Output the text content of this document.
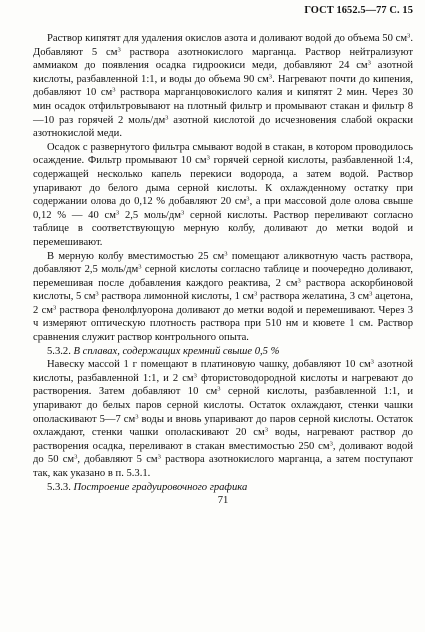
ГОСТ 1652.5—77 С. 15

Раствор кипятят для удаления окислов азота и доливают водой до объема 50 $см^3$. Добавляют 5 $см^3$ раствора азотнокислого марганца. Раствор нейтрализуют аммиаком до появления осадка гидроокиси меди, добавляют 24 $см^3$ азотной кислоты, разбавленной 1:1, и воды до объема 90 $см^3$. Нагревают почти до кипения, добавляют 10 $см^3$ раствора марганцовокислого калия и кипятят 2 мин. Через 30 мин осадок отфильтровывают на плотный фильтр и промывают стакан и фильтр 8—10 раз горячей 2 моль/$дм^3$ азотной кислотой до исчезновения слабой окраски азотнокислой меди.

Осадок с развернутого фильтра смывают водой в стакан, в котором проводилось осаждение. Фильтр промывают 10 $см^3$ горячей серной кислоты, разбавленной 1:4, содержащей несколько капель перекиси водорода, а затем водой. Раствор упаривают до белого дыма серной кислоты. К охлажденному остатку при содержании олова до 0,12 % добавляют 20 $см^3$, а при массовой доле олова свыше 0,12 % — 40 $см^3$ 2,5 моль/$дм^3$ серной кислоты. Раствор переливают согласно таблице в соответствующую мерную колбу, доливают до метки водой и перемешивают.

В мерную колбу вместимостью 25 $см^3$ помещают аликвотную часть раствора, добавляют 2,5 моль/$дм^3$ серной кислоты согласно таблице и поочередно доливают, перемешивая после добавления каждого реактива, 2 $см^3$ раствора аскорбиновой кислоты, 5 $см^3$ раствора лимонной кислоты, 1 $см^3$ раствора желатина, 3 $см^3$ ацетона, 2 $см^3$ раствора фенолфлуорона доливают до метки водой и перемешивают. Через 3 ч измеряют оптическую плотность раствора при 510 нм и кювете 1 см. Раствор сравнения служит раствор контрольного опыта.

5.3.2. В сплавах, содержащих кремний свыше 0,5 %

Навеску массой 1 г помещают в платиновую чашку, добавляют 10 $см^3$ азотной кислоты, разбавленной 1:1, и 2 $см^3$ фтористоводородной кислоты и нагревают до растворения. Затем добавляют 10 $см^3$ серной кислоты, разбавленной 1:1, и упаривают до белых паров серной кислоты. Остаток охлаждают, стенки чашки ополаскивают 5—7 $см^3$ воды и вновь упаривают до паров серной кислоты. Остаток охлаждают, стенки чашки ополаскивают 20 $см^3$ воды, нагревают раствор до растворения осадка, переливают в стакан вместимостью 250 $см^3$, доливают водой до 50 $см^3$, добавляют 5 $см^3$ раствора азотнокислого марганца, а затем поступают так, как указано в п. 5.3.1.

5.3.3. Построение градуировочного графика

71
